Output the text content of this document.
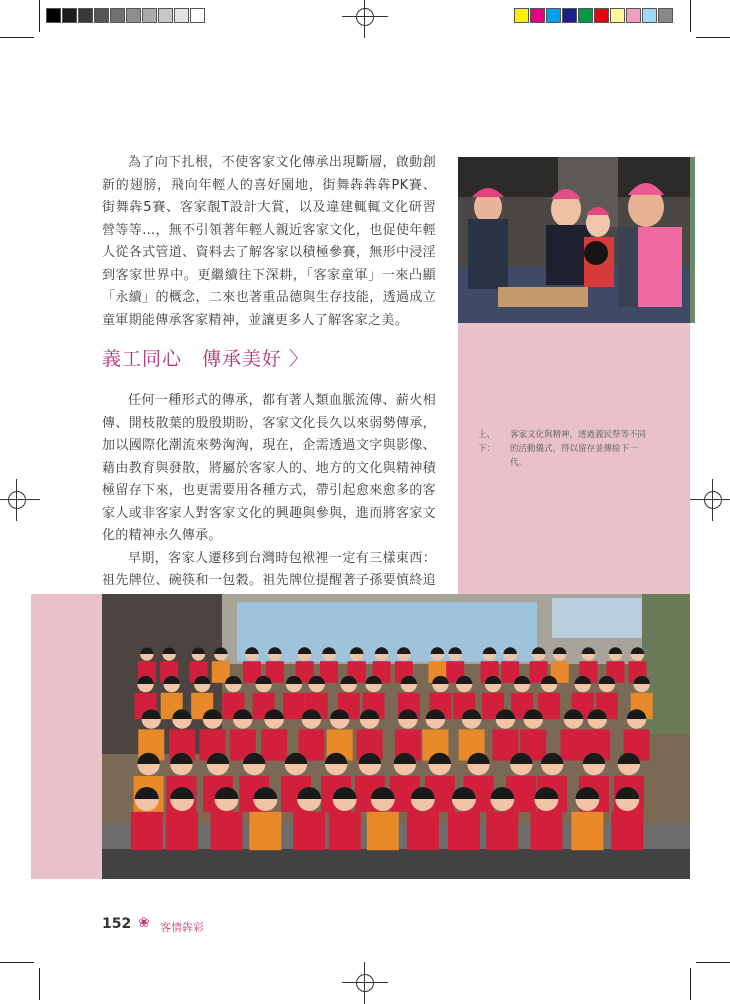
為了向下扎根，不使客家文化傳承出現斷層，啟動創新的翅膀，飛向年輕人的喜好園地，街舞犇犇犇PK賽、街舞犇5賽、客家靚T設計大賞，以及違建輒輒文化研習營等等…，無不引領著年輕人親近客家文化，也促使年輕人從各式管道、資料去了解客家以積極參賽，無形中浸淫到客家世界中。更繼續往下深耕，「客家童軍」一來凸顯「永續」的概念，二來也著重品德與生存技能，透過成立童軍期能傳承客家精神，並讓更多人了解客家之美。

義工同心　傳承美好 〉

任何一種形式的傳承，都有著人類血脈流傳、薪火相傳、開枝散葉的殷殷期盼，客家文化長久以來弱勢傳承，加以國際化潮流來勢洶洶，現在，企需透過文字與影像、藉由教育與發散，將屬於客家人的、地方的文化與精神積極留存下來，也更需要用各種方式，帶引起愈來愈多的客家人或非客家人對客家文化的興趣與參與，進而將客家文化的精神永久傳承。

早期，客家人遷移到台灣時包袱裡一定有三樣東西：祖先牌位、碗筷和一包穀。祖先牌位提醒著子孫要慎終追

上、下：
客家文化與精神，透過義民祭等不同的活動儀式，得以留存並傳給下一代。
152 ❀ 客情犇彩
